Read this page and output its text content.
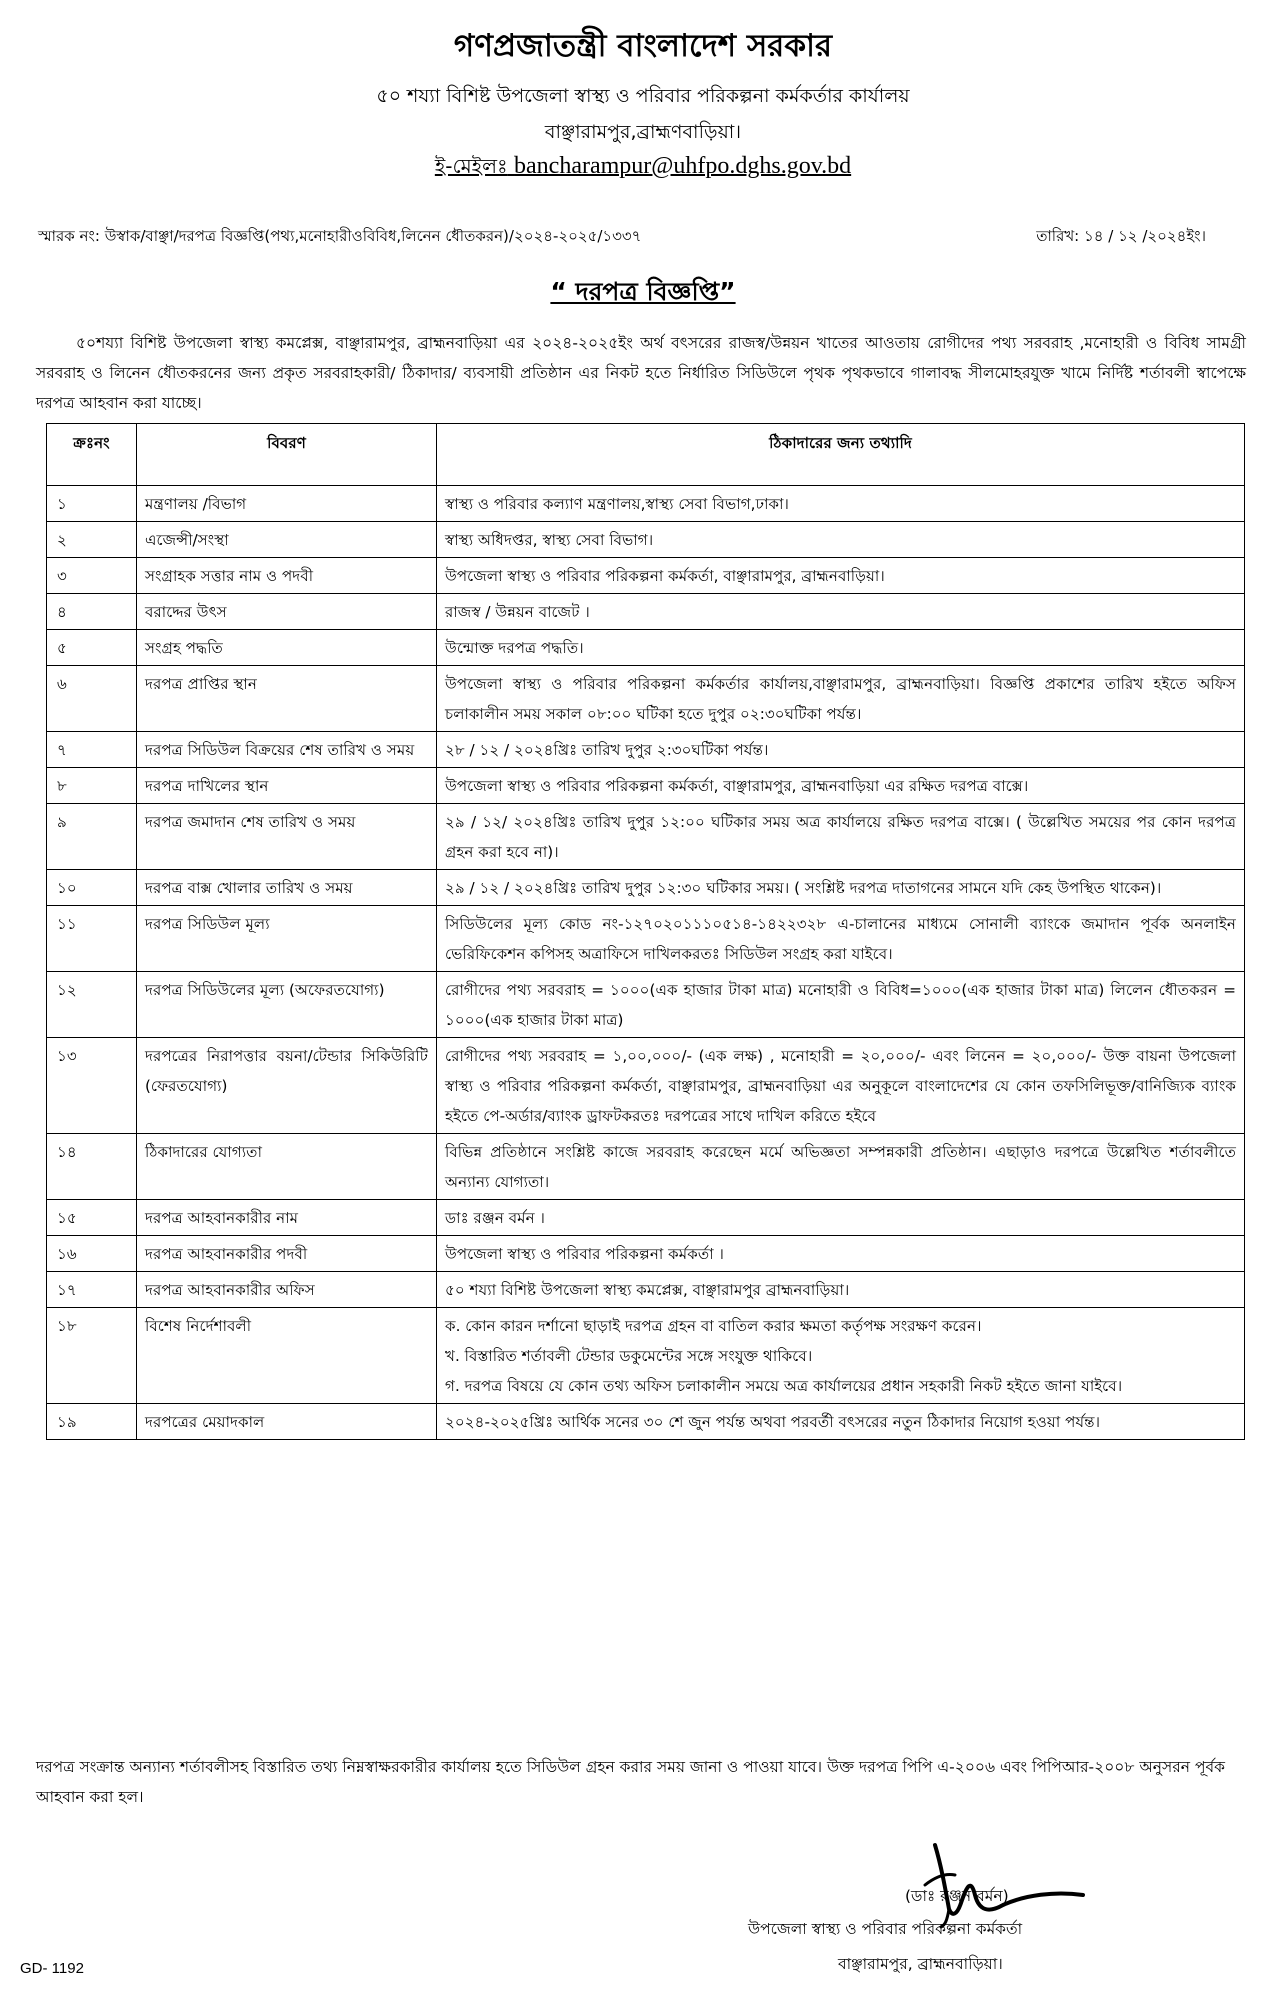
গণপ্রজাতন্ত্রী বাংলাদেশ সরকার
৫০ শয্যা বিশিষ্ট উপজেলা স্বাস্থ্য ও পরিবার পরিকল্পনা কর্মকর্তার কার্যালয়
বাঞ্ছারামপুর,ব্রাহ্মণবাড়িয়া।
ই-মেইলঃ bancharampur@uhfpo.dghs.gov.bd
স্মারক নং: উস্বাক/বাঞ্ছা/দরপত্র বিজ্ঞপ্তি(পথ্য,মনোহারীওবিবিধ,লিনেন ধৌতকরন)/২০২৪-২০২৫/১৩৩৭	তারিখ: ১৪ / ১২ /২০২৪ইং।
“ দরপত্র বিজ্ঞপ্তি”
৫০শয্যা বিশিষ্ট উপজেলা স্বাস্থ্য কমপ্লেক্স, বাঞ্ছারামপুর, ব্রাহ্মনবাড়িয়া এর ২০২৪-২০২৫ইং অর্থ বৎসরের রাজস্ব/উন্নয়ন খাতের আওতায় রোগীদের পথ্য সরবরাহ ,মনোহারী ও বিবিধ সামগ্রী সরবরাহ ও লিনেন ধৌতকরনের জন্য প্রকৃত সরবরাহকারী/ ঠিকাদার/ ব্যবসায়ী প্রতিষ্ঠান এর নিকট হতে নির্ধারিত সিডিউলে পৃথক পৃথকভাবে গালাবদ্ধ সীলমোহরযুক্ত খামে নির্দিষ্ট শর্তাবলী স্বাপেক্ষে দরপত্র আহবান করা যাচ্ছে।
ক্রঃনং	বিবরণ	ঠিকাদারের জন্য তথ্যাদি
১	মন্ত্রণালয় /বিভাগ	স্বাস্থ্য ও পরিবার কল্যাণ মন্ত্রণালয়,স্বাস্থ্য সেবা বিভাগ,ঢাকা।
২	এজেন্সী/সংস্থা	স্বাস্থ্য অধিদপ্তর, স্বাস্থ্য সেবা বিভাগ।
৩	সংগ্রাহক সত্তার নাম ও পদবী	উপজেলা স্বাস্থ্য ও পরিবার পরিকল্পনা কর্মকর্তা, বাঞ্ছারামপুর, ব্রাহ্মনবাড়িয়া।
৪	বরাদ্দের উৎস	রাজস্ব / উন্নয়ন বাজেট ।
৫	সংগ্রহ পদ্ধতি	উন্মোক্ত দরপত্র পদ্ধতি।
৬	দরপত্র প্রাপ্তির স্থান	উপজেলা স্বাস্থ্য ও পরিবার পরিকল্পনা কর্মকর্তার কার্যালয়,বাঞ্ছারামপুর, ব্রাহ্মনবাড়িয়া। বিজ্ঞপ্তি প্রকাশের তারিখ হইতে অফিস চলাকালীন সময় সকাল ০৮:০০ ঘটিকা হতে দুপুর ০২:৩০ঘটিকা পর্যন্ত।
৭	দরপত্র সিডিউল বিক্রয়ের শেষ তারিখ ও সময়	২৮ / ১২ / ২০২৪খ্রিঃ তারিখ দুপুর ২:৩০ঘটিকা পর্যন্ত।
৮	দরপত্র দাখিলের স্থান	উপজেলা স্বাস্থ্য ও পরিবার পরিকল্পনা কর্মকর্তা, বাঞ্ছারামপুর, ব্রাহ্মনবাড়িয়া এর রক্ষিত দরপত্র বাক্সে।
৯	দরপত্র জমাদান শেষ তারিখ ও সময়	২৯ / ১২/ ২০২৪খ্রিঃ তারিখ দুপুর ১২:০০ ঘটিকার সময় অত্র কার্যালয়ে রক্ষিত দরপত্র বাক্সে। ( উল্লেখিত সময়ের পর কোন দরপত্র গ্রহন করা হবে না)।
১০	দরপত্র বাক্স খোলার তারিখ ও সময়	২৯ / ১২ / ২০২৪খ্রিঃ তারিখ দুপুর ১২:৩০ ঘটিকার সময়। ( সংশ্লিষ্ট দরপত্র দাতাগনের সামনে যদি কেহ উপস্থিত থাকেন)।
১১	দরপত্র সিডিউল মূল্য	সিডিউলের মূল্য কোড নং-১২৭০২০১১১০৫১৪-১৪২২৩২৮ এ-চালানের মাধ্যমে সোনালী ব্যাংকে জমাদান পূর্বক অনলাইন ভেরিফিকেশন কপিসহ অত্রাফিসে দাখিলকরতঃ সিডিউল সংগ্রহ করা যাইবে।
১২	দরপত্র সিডিউলের মূল্য (অফেরতযোগ্য)	রোগীদের পথ্য সরবরাহ = ১০০০(এক হাজার টাকা মাত্র) মনোহারী ও বিবিধ=১০০০(এক হাজার টাকা মাত্র) লিলেন ধৌতকরন = ১০০০(এক হাজার টাকা মাত্র)
১৩	দরপত্রের নিরাপত্তার বয়না/টেন্ডার সিকিউরিটি (ফেরতযোগ্য)	রোগীদের পথ্য সরবরাহ = ১,০০,০০০/- (এক লক্ষ) , মনোহারী = ২০,০০০/- এবং লিনেন = ২০,০০০/- উক্ত বায়না উপজেলা স্বাস্থ্য ও পরিবার পরিকল্পনা কর্মকর্তা, বাঞ্ছারামপুর, ব্রাহ্মনবাড়িয়া এর অনুকূলে বাংলাদেশের যে কোন তফসিলিভূক্ত/বানিজ্যিক ব্যাংক হইতে পে-অর্ডার/ব্যাংক ড্রাফটকরতঃ দরপত্রের সাথে দাখিল করিতে হইবে
১৪	ঠিকাদারের যোগ্যতা	বিভিন্ন প্রতিষ্ঠানে সংশ্লিষ্ট কাজে সরবরাহ করেছেন মর্মে অভিজ্ঞতা সম্পন্নকারী প্রতিষ্ঠান। এছাড়াও দরপত্রে উল্লেখিত শর্তাবলীতে অন্যান্য যোগ্যতা।
১৫	দরপত্র আহবানকারীর নাম	ডাঃ রঞ্জন বর্মন ।
১৬	দরপত্র আহবানকারীর পদবী	উপজেলা স্বাস্থ্য ও পরিবার পরিকল্পনা কর্মকর্তা ।
১৭	দরপত্র আহবানকারীর অফিস	৫০ শয্যা বিশিষ্ট উপজেলা স্বাস্থ্য কমপ্লেক্স, বাঞ্ছারামপুর ব্রাহ্মনবাড়িয়া।
১৮	বিশেষ নির্দেশাবলী	ক. কোন কারন দর্শানো ছাড়াই দরপত্র গ্রহন বা বাতিল করার ক্ষমতা কর্তৃপক্ষ সংরক্ষণ করেন।
খ. বিস্তারিত শর্তাবলী টেন্ডার ডকুমেন্টের সঙ্গে সংযুক্ত থাকিবে।
গ. দরপত্র বিষয়ে যে কোন তথ্য অফিস চলাকালীন সময়ে অত্র কার্যালয়ের প্রধান সহকারী নিকট হইতে জানা যাইবে।

১৯	দরপত্রের মেয়াদকাল	২০২৪-২০২৫খ্রিঃ আর্থিক সনের ৩০ শে জুন পর্যন্ত অথবা পরবর্তী বৎসরের নতুন ঠিকাদার নিয়োগ হওয়া পর্যন্ত।
দরপত্র সংক্রান্ত অন্যান্য শর্তাবলীসহ বিস্তারিত তথ্য নিম্নস্বাক্ষরকারীর কার্যালয় হতে সিডিউল গ্রহন করার সময় জানা ও পাওয়া যাবে। উক্ত দরপত্র পিপি এ-২০০৬ এবং পিপিআর-২০০৮ অনুসরন পূর্বক আহবান করা হল।
(ডাঃ রঞ্জন বর্মন)
উপজেলা স্বাস্থ্য ও পরিবার পরিকল্পনা কর্মকর্তা
বাঞ্ছারামপুর, ব্রাহ্মনবাড়িয়া।
GD- 1192
